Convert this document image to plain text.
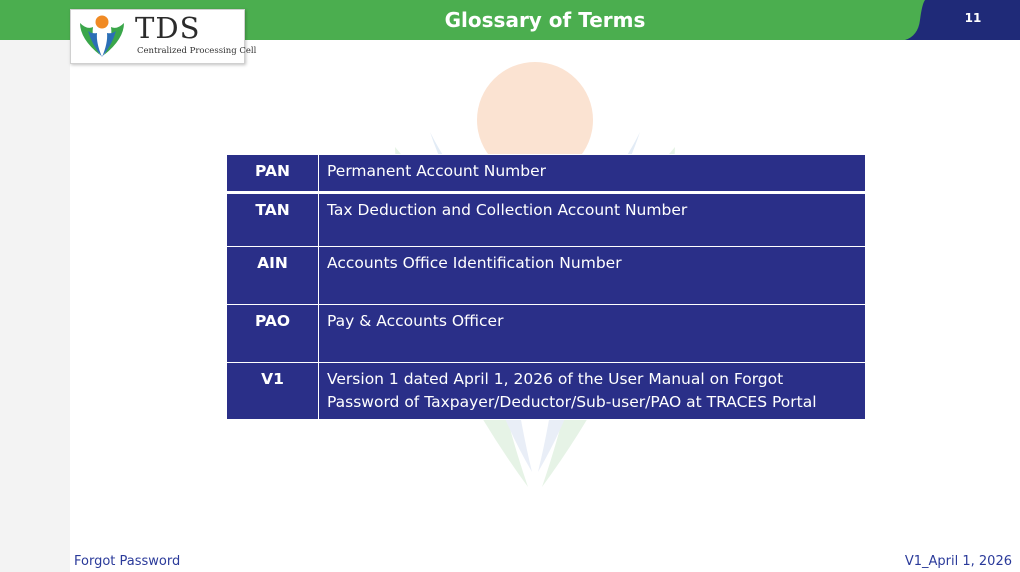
Glossary of Terms	11
TDS
Centralized Processing Cell
PAN	Permanent Account Number
TAN	Tax Deduction and Collection Account Number
AIN	Accounts Office Identification Number
PAO	Pay & Accounts Officer
V1	Version 1 dated April 1, 2026 of the User Manual on Forgot Password of Taxpayer/Deductor/Sub-user/PAO at TRACES Portal
Forgot Password	V1_April 1, 2026
